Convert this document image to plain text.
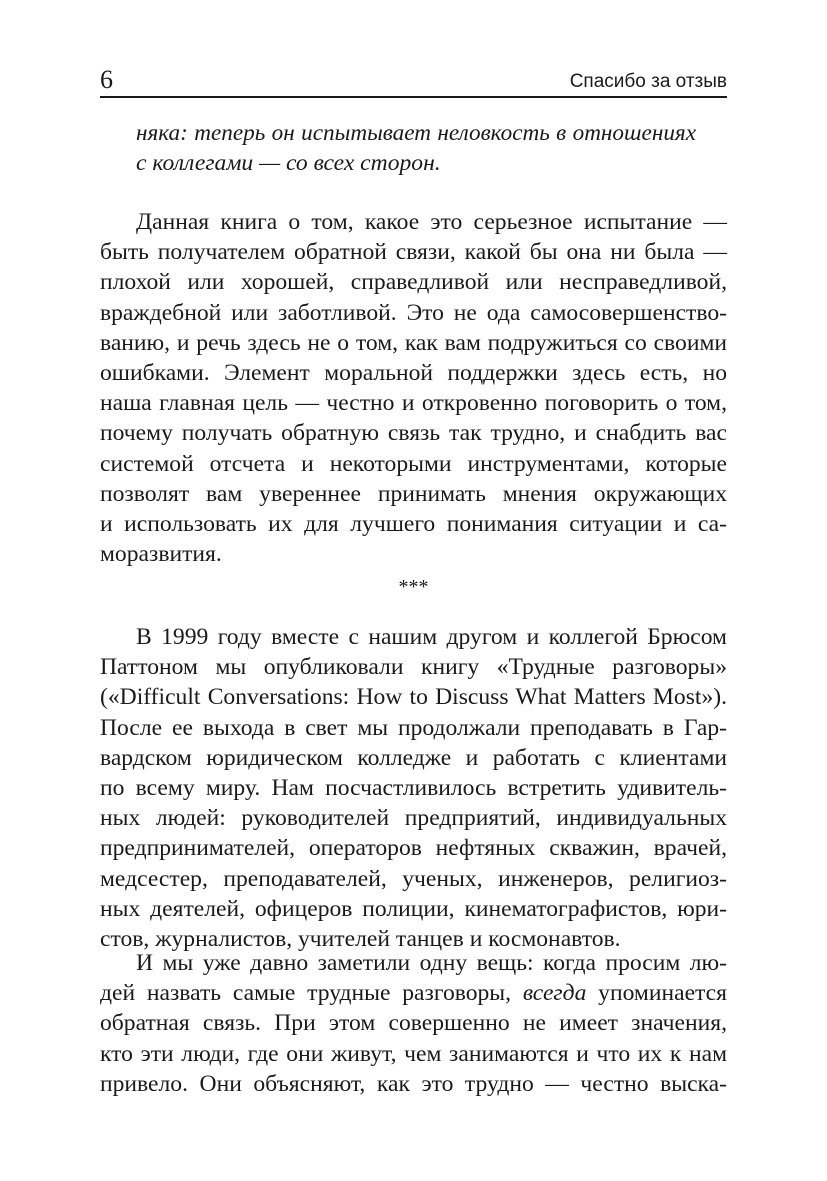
6	Спасибо за отзыв
няка: теперь он испытывает неловкость в отношениях
с коллегами — со всех сторон.
Данная книга о том, какое это серьезное испытание —
быть получателем обратной связи, какой бы она ни была —
плохой или хорошей, справедливой или несправедливой,
враждебной или заботливой. Это не ода самосовершенство-
ванию, и речь здесь не о том, как вам подружиться со своими
ошибками. Элемент моральной поддержки здесь есть, но
наша главная цель — честно и откровенно поговорить о том,
почему получать обратную связь так трудно, и снабдить вас
системой отсчета и некоторыми инструментами, которые
позволят вам увереннее принимать мнения окружающих
и использовать их для лучшего понимания ситуации и са-
моразвития.
***
В 1999 году вместе с нашим другом и коллегой Брюсом
Паттоном мы опубликовали книгу «Трудные разговоры»
(«Difficult Conversations: How to Discuss What Matters Most»).
После ее выхода в свет мы продолжали преподавать в Гар-
вардском юридическом колледже и работать с клиентами
по всему миру. Нам посчастливилось встретить удивитель-
ных людей: руководителей предприятий, индивидуальных
предпринимателей, операторов нефтяных скважин, врачей,
медсестер, преподавателей, ученых, инженеров, религиоз-
ных деятелей, офицеров полиции, кинематографистов, юри-
стов, журналистов, учителей танцев и космонавтов.
И мы уже давно заметили одну вещь: когда просим лю-
дей назвать самые трудные разговоры, всегда упоминается
обратная связь. При этом совершенно не имеет значения,
кто эти люди, где они живут, чем занимаются и что их к нам
привело. Они объясняют, как это трудно — честно выска-
